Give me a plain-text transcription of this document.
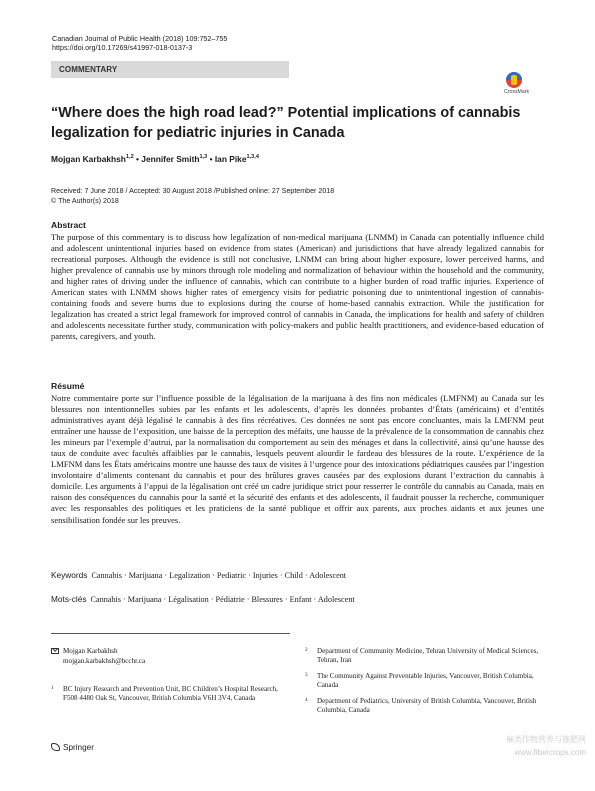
Canadian Journal of Public Health (2018) 109:752–755
https://doi.org/10.17269/s41997-018-0137-3
COMMENTARY
CrossMark
“Where does the high road lead?” Potential implications of cannabis legalization for pediatric injuries in Canada
Mojgan Karbakhsh$^{1,2}$ • Jennifer Smith$^{1,3}$ • Ian Pike$^{1,3,4}$
Received: 7 June 2018 / Accepted: 30 August 2018 /Published online: 27 September 2018
© The Author(s) 2018
Abstract
The purpose of this commentary is to discuss how legalization of non-medical marijuana (LNMM) in Canada can potentially influence child and adolescent unintentional injuries based on evidence from states (American) and jurisdictions that have already legalized cannabis for recreational purposes. Although the evidence is still not conclusive, LNMM can bring about higher exposure, lower perceived harms, and higher prevalence of cannabis use by minors through role modeling and normalization of behaviour within the household and the community, and higher rates of driving under the influence of cannabis, which can contribute to a higher burden of road traffic injuries. Experience of American states with LNMM shows higher rates of emergency visits for pediatric poisoning due to unintentional ingestion of cannabis-containing foods and severe burns due to explosions during the course of home-based cannabis extraction. While the justification for legalization has created a strict legal framework for improved control of cannabis in Canada, the implications for health and safety of children and adolescents necessitate further study, communication with policy-makers and public health practitioners, and evidence-based education of parents, caregivers, and youth.
Résumé
Notre commentaire porte sur l’influence possible de la légalisation de la marijuana à des fins non médicales (LMFNM) au Canada sur les blessures non intentionnelles subies par les enfants et les adolescents, d’après les données probantes d’États (américains) et d’entités administratives ayant déjà légalisé le cannabis à des fins récréatives. Ces données ne sont pas encore concluantes, mais la LMFNM peut entraîner une hausse de l’exposition, une baisse de la perception des méfaits, une hausse de la prévalence de la consommation de cannabis chez les mineurs par l’exemple d’autrui, par la normalisation du comportement au sein des ménages et dans la collectivité, ainsi qu’une hausse des taux de conduite avec facultés affaiblies par le cannabis, lesquels peuvent alourdir le fardeau des blessures de la route. L’expérience de la LMFNM dans les États américains montre une hausse des taux de visites à l’urgence pour des intoxications pédiatriques causées par l’ingestion involontaire d’aliments contenant du cannabis et pour des brûlures graves causées par des explosions durant l’extraction du cannabis à domicile. Les arguments à l’appui de la légalisation ont créé un cadre juridique strict pour resserrer le contrôle du cannabis au Canada, mais en raison des conséquences du cannabis pour la santé et la sécurité des enfants et des adolescents, il faudrait pousser la recherche, communiquer avec les responsables des politiques et les praticiens de la santé publique et offrir aux parents, aux proches aidants et aux jeunes une sensibilisation fondée sur les preuves.
Keywords Cannabis · Marijuana · Legalization · Pediatric · Injuries · Child · Adolescent
Mots-clés Cannabis · Marijuana · Légalisation · Pédiatrie · Blessures · Enfant · Adolescent
Mojgan Karbakhsh
mojgan.karbakhsh@bcchr.ca
1 BC Injury Research and Prevention Unit, BC Children’s Hospital Research, F508 4480 Oak St, Vancouver, British Columbia V6H 3V4, Canada
2 Department of Community Medicine, Tehran University of Medical Sciences, Tehran, Iran
3 The Community Against Preventable Injuries, Vancouver, British Columbia, Canada
4 Department of Pediatrics, University of British Columbia, Vancouver, British Columbia, Canada
Springer
麻类作物营养与施肥网
www.fibercrops.com
